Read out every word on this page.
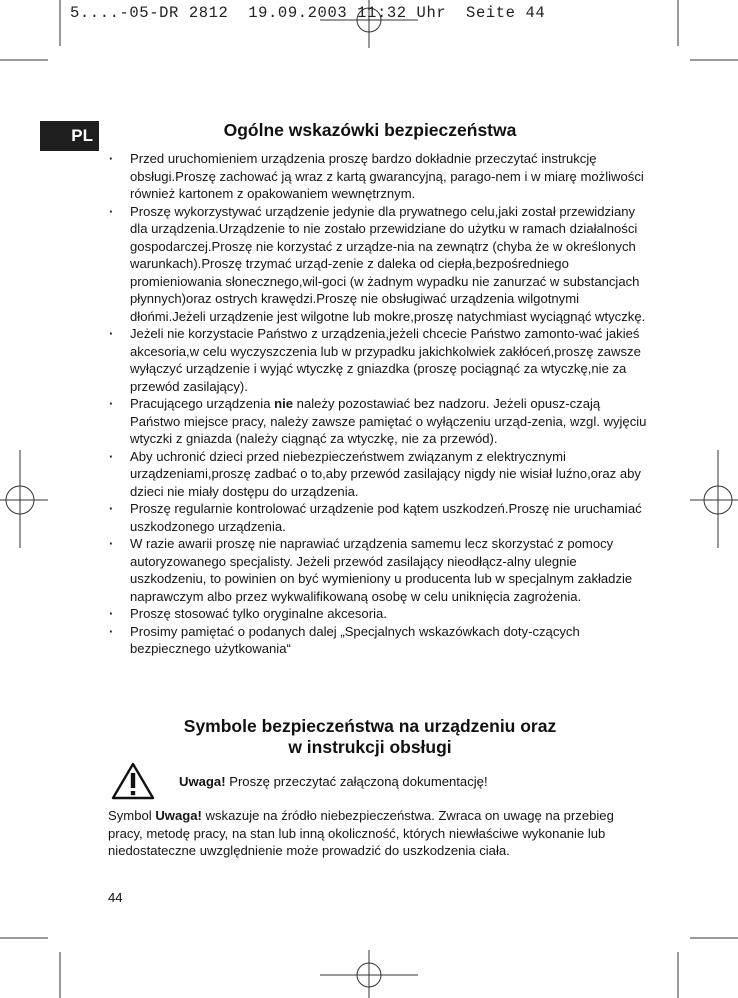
5....-05-DR 2812  19.09.2003 11:32 Uhr  Seite 44
PL	Ogólne wskazówki bezpieczeństwa
· Przed uruchomieniem urządzenia proszę bardzo dokładnie przeczytać instrukcję obsługi.Proszę zachować ją wraz z kartą gwarancyjną, parago-nem i w miarę możliwości również kartonem z opakowaniem wewnętrznym.
· Proszę wykorzystywać urządzenie jedynie dla prywatnego celu,jaki został przewidziany dla urządzenia.Urządzenie to nie zostało przewidziane do użytku w ramach działalności gospodarczej.Proszę nie korzystać z urządze-nia na zewnątrz (chyba że w określonych warunkach).Proszę trzymać urząd-zenie z daleka od ciepła,bezpośredniego promieniowania słonecznego,wil-goci (w żadnym wypadku nie zanurzać w substancjach płynnych)oraz ostrych krawędzi.Proszę nie obsługiwać urządzenia wilgotnymi dłońmi.Jeżeli urządzenie jest wilgotne lub mokre,proszę natychmiast wyciągnąć wtyczkę.
· Jeżeli nie korzystacie Państwo z urządzenia,jeżeli chcecie Państwo zamonto-wać jakieś akcesoria,w celu wyczyszczenia lub w przypadku jakichkolwiek zakłóceń,proszę zawsze wyłączyć urządzenie i wyjąć wtyczkę z gniazdka (proszę pociągnąć za wtyczkę,nie za przewód zasilający).
· Pracującego urządzenia nie należy pozostawiać bez nadzoru. Jeżeli opusz-czają Państwo miejsce pracy, należy zawsze pamiętać o wyłączeniu urząd-zenia, wzgl. wyjęciu wtyczki z gniazda (należy ciągnąć za wtyczkę, nie za przewód).
· Aby uchronić dzieci przed niebezpieczeństwem związanym z elektrycznymi urządzeniami,proszę zadbać o to,aby przewód zasilający nigdy nie wisiał luźno,oraz aby dzieci nie miały dostępu do urządzenia.
· Proszę regularnie kontrolować urządzenie pod kątem uszkodzeń.Proszę nie uruchamiać uszkodzonego urządzenia.
· W razie awarii proszę nie naprawiać urządzenia samemu lecz skorzystać z pomocy autoryzowanego specjalisty. Jeżeli przewód zasilający nieodłącz-alny ulegnie uszkodzeniu, to powinien on być wymieniony u producenta lub w specjalnym zakładzie naprawczym albo przez wykwalifikowaną osobę w celu uniknięcia zagrożenia.
· Proszę stosować tylko oryginalne akcesoria.
· Prosimy pamiętać o podanych dalej „Specjalnych wskazówkach doty-czących bezpiecznego użytkowania“
Symbole bezpieczeństwa na urządzeniu oraz
w instrukcji obsługi
Uwaga! Proszę przeczytać załączoną dokumentację!
Symbol Uwaga! wskazuje na źródło niebezpieczeństwa. Zwraca on uwagę na przebieg pracy, metodę pracy, na stan lub inną okoliczność, których niewłaściwe wykonanie lub niedostateczne uwzględnienie może prowadzić do uszkodzenia ciała.
44
